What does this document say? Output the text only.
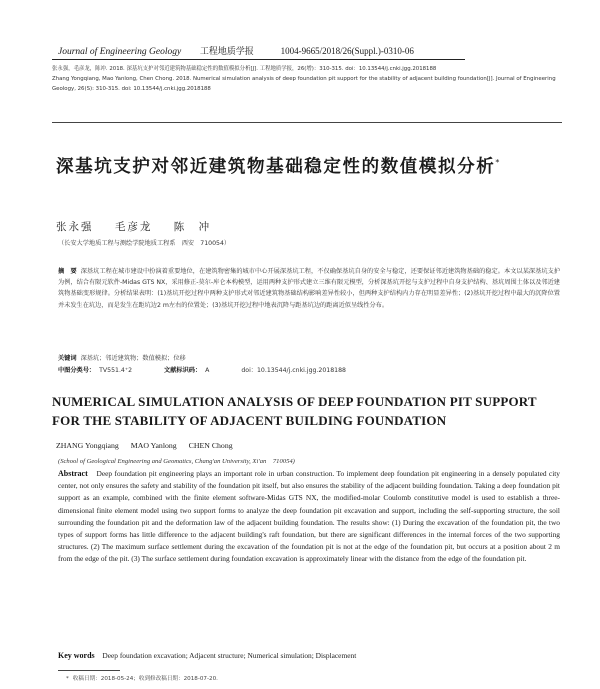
Journal of Engineering Geology 工程地质学报	1004-9665/2018/26(Suppl.)-0310-06
张永强，毛彦龙，陈冲. 2018. 深基坑支护对邻近建筑物基础稳定性的数值模拟分析[J]. 工程地质学报，26(增)：310-315. doi：10.13544/j.cnki.jgg.2018188
Zhang Yongqiang, Mao Yanlong, Chen Chong. 2018. Numerical simulation analysis of deep foundation pit support for the stability of adjacent building foundation[J]. Journal of Engineering Geology, 26(S): 310-315. doi: 10.13544/j.cnki.jgg.2018188
深基坑支护对邻近建筑物基础稳定性的数值模拟分析*
张永强 毛彦龙 陈　冲
（长安大学地质工程与测绘学院地质工程系　西安　710054）
摘　要 深基坑工程在城市建设中扮演着重要地位，在建筑物密集的城市中心开展深基坑工程，不仅确保基坑自身的安全与稳定，还要保证邻近建筑物基础的稳定。本文以某深基坑支护为例，结合有限元软件-Midas GTS NX，采用修正-莫尔-库仑本构模型，运用两种支护形式建立三维有限元模型，分析深基坑开挖与支护过程中自身支护结构、基坑周围土体以及邻近建筑物基础变形规律。分析结果表明：(1)基坑开挖过程中两种支护形式对邻近建筑物基础结构影响差异性较小，但两种支护结构内力存在明显差异性；(2)基坑开挖过程中最大的沉降位置并未发生在坑边，而是发生在距坑边2 m左右的位置处；(3)基坑开挖过程中地表沉降与距基坑边的距离近似呈线性分布。
关键词 深基坑；邻近建筑物；数值模拟；位移
中图分类号： TV551.4⁺2	文献标识码： A	doi：10.13544/j.cnki.jgg.2018188
NUMERICAL SIMULATION ANALYSIS OF DEEP FOUNDATION PIT SUPPORT FOR THE STABILITY OF ADJACENT BUILDING FOUNDATION
ZHANG Yongqiang MAO Yanlong CHEN Chong
(School of Geological Engineering and Geomatics, Chang'an University, Xi'an　710054)
Abstract Deep foundation pit engineering plays an important role in urban construction. To implement deep foundation pit engineering in a densely populated city center, not only ensures the safety and stability of the foundation pit itself, but also ensures the stability of the adjacent building foundation. Taking a deep foundation pit support as an example, combined with the finite element software-Midas GTS NX, the modified-molar Coulomb constitutive model is used to establish a three-dimensional finite element model using two support forms to analyze the deep foundation pit excavation and support, including the self-supporting structure, the soil surrounding the foundation pit and the deformation law of the adjacent building foundation. The results show: (1) During the excavation of the foundation pit, the two types of support forms has little difference to the adjacent building's raft foundation, but there are significant differences in the internal forces of the two supporting structures. (2) The maximum surface settlement during the excavation of the foundation pit is not at the edge of the foundation pit, but occurs at a position about 2 m from the edge of the pit. (3) The surface settlement during foundation excavation is approximately linear with the distance from the edge of the foundation pit.
Key words Deep foundation excavation; Adjacent structure; Numerical simulation; Displacement
* 收稿日期：2018-05-24；收到修改稿日期：2018-07-20.
